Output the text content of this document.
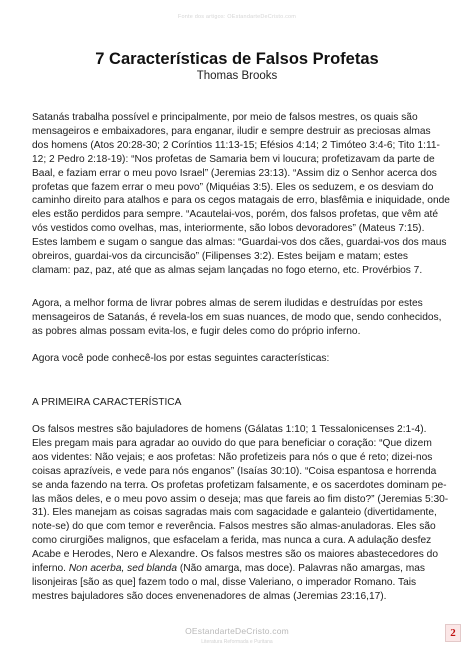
Fonte dos artigos: OEstandarteDeCristo.com
7 Características de Falsos Profetas
Thomas Brooks
Satanás trabalha possível e principalmente, por meio de falsos mestres, os quais são
mensageiros e embaixadores, para enganar, iludir e sempre destruir as preciosas almas
dos homens (Atos 20:28-30; 2 Coríntios 11:13-15; Efésios 4:14; 2 Timóteo 3:4-6; Tito 1:11-
12; 2 Pedro 2:18-19): “Nos profetas de Samaria bem vi loucura; profetizavam da parte de
Baal, e faziam errar o meu povo Israel” (Jeremias 23:13). “Assim diz o Senhor acerca dos
profetas que fazem errar o meu povo” (Miquéias 3:5). Eles os seduzem, e os desviam do
caminho direito para atalhos e para os cegos matagais de erro, blasfêmia e iniquidade, onde
eles estão perdidos para sempre. “Acautelai-vos, porém, dos falsos profetas, que vêm até
vós vestidos como ovelhas, mas, interiormente, são lobos devoradores” (Mateus 7:15).
Estes lambem e sugam o sangue das almas: “Guardai-vos dos cães, guardai-vos dos maus
obreiros, guardai-vos da circuncisão” (Filipenses 3:2). Estes beijam e matam; estes
clamam: paz, paz, até que as almas sejam lançadas no fogo eterno, etc. Provérbios 7.
Agora, a melhor forma de livrar pobres almas de serem iludidas e destruídas por estes
mensageiros de Satanás, é revela-los em suas nuances, de modo que, sendo conhecidos,
as pobres almas possam evita-los, e fugir deles como do próprio inferno.
Agora você pode conhecê-los por estas seguintes características:
A PRIMEIRA CARACTERÍSTICA
Os falsos mestres são bajuladores de homens (Gálatas 1:10; 1 Tessalonicenses 2:1-4).
Eles pregam mais para agradar ao ouvido do que para beneficiar o coração: “Que dizem
aos videntes: Não vejais; e aos profetas: Não profetizeis para nós o que é reto; dizei-nos
coisas aprazíveis, e vede para nós enganos” (Isaías 30:10). “Coisa espantosa e horrenda
se anda fazendo na terra. Os profetas profetizam falsamente, e os sacerdotes dominam pe-
las mãos deles, e o meu povo assim o deseja; mas que fareis ao fim disto?” (Jeremias 5:30-
31). Eles manejam as coisas sagradas mais com sagacidade e galanteio (divertidamente,
note-se) do que com temor e reverência. Falsos mestres são almas-anuladoras. Eles são
como cirurgiões malignos, que esfacelam a ferida, mas nunca a cura. A adulação desfez
Acabe e Herodes, Nero e Alexandre. Os falsos mestres são os maiores abastecedores do
inferno. Non acerba, sed blanda (Não amarga, mas doce). Palavras não amargas, mas
lisonjeiras [são as que] fazem todo o mal, disse Valeriano, o imperador Romano. Tais
mestres bajuladores são doces envenenadores de almas (Jeremias 23:16,17).
OEstandarteDeCristo.com
Literatura Reformada e Puritana
2
